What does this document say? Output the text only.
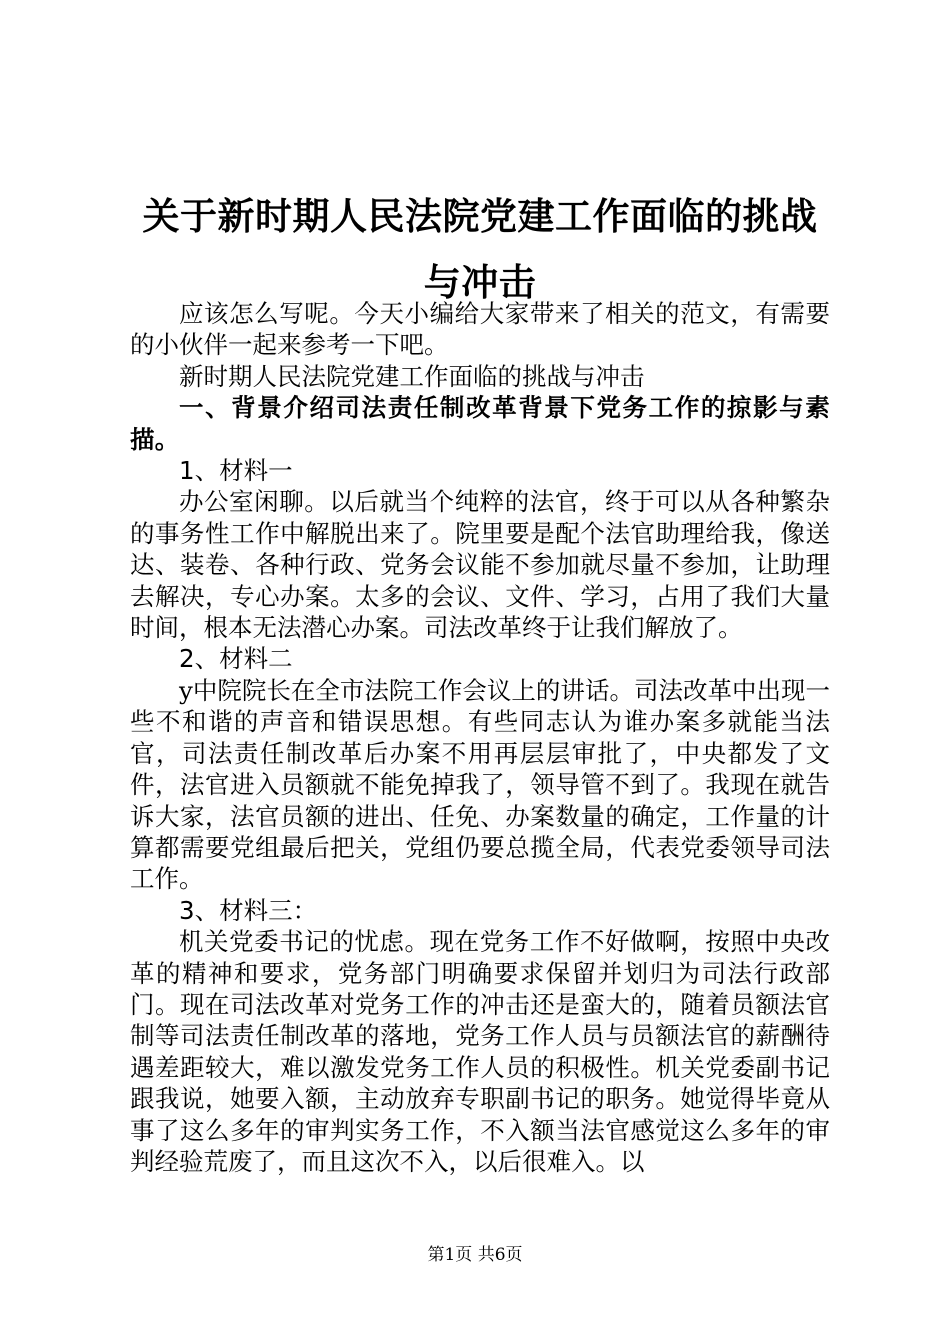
关于新时期人民法院党建工作面临的挑战与冲击

应该怎么写呢。今天小编给大家带来了相关的范文，有需要的小伙伴一起来参考一下吧。

新时期人民法院党建工作面临的挑战与冲击

一、背景介绍司法责任制改革背景下党务工作的掠影与素描。

1、材料一

办公室闲聊。以后就当个纯粹的法官，终于可以从各种繁杂的事务性工作中解脱出来了。院里要是配个法官助理给我，像送达、装卷、各种行政、党务会议能不参加就尽量不参加，让助理去解决，专心办案。太多的会议、文件、学习，占用了我们大量时间，根本无法潜心办案。司法改革终于让我们解放了。

2、材料二

y中院院长在全市法院工作会议上的讲话。司法改革中出现一些不和谐的声音和错误思想。有些同志认为谁办案多就能当法官，司法责任制改革后办案不用再层层审批了，中央都发了文件，法官进入员额就不能免掉我了，领导管不到了。我现在就告诉大家，法官员额的进出、任免、办案数量的确定，工作量的计算都需要党组最后把关，党组仍要总揽全局，代表党委领导司法工作。

3、材料三：

机关党委书记的忧虑。现在党务工作不好做啊，按照中央改革的精神和要求，党务部门明确要求保留并划归为司法行政部门。现在司法改革对党务工作的冲击还是蛮大的，随着员额法官制等司法责任制改革的落地，党务工作人员与员额法官的薪酬待遇差距较大，难以激发党务工作人员的积极性。机关党委副书记跟我说，她要入额，主动放弃专职副书记的职务。她觉得毕竟从事了这么多年的审判实务工作，不入额当法官感觉这么多年的审判经验荒废了，而且这次不入，以后很难入。以

第1页 共6页
